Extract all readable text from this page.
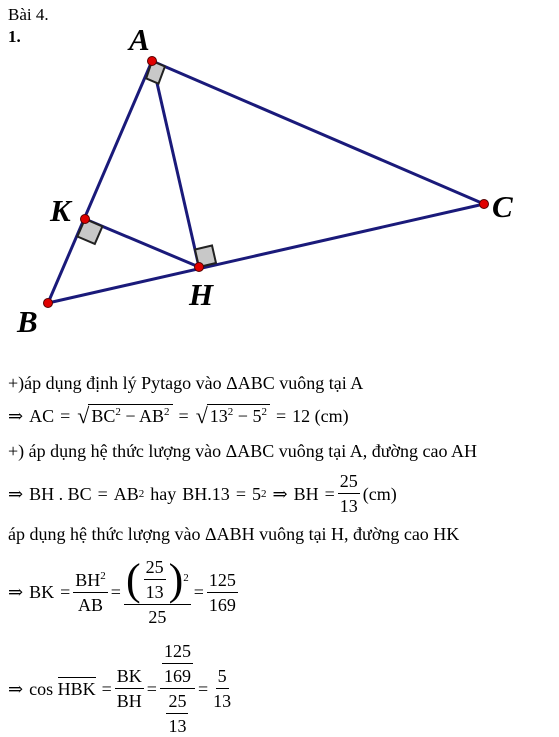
Bài 4.
1.	A
B
C
H
K
+)áp dụng định lý Pytago vào ΔABC vuông tại A
⇒ AC = √ $BC^2 - AB^2$ = √ $13^2 - 5^2 = 12$
(cm)
+) áp dụng hệ thức lượng vào ΔABC vuông tại A, đường cao AH
⇒ BH . BC = AB 2 hay BH.13 = 5 2 ⇒ BH = $\frac{25}{13} (cm)$
áp dụng hệ thức lượng vào ΔABH vuông tại H, đường cao HK
⇒ BK = $\frac{BH^2}{AB} = \frac{( \frac{25}{13} )^2}{25} = \frac{125}{169}$
⇒ cos
HBK = $\frac{BK}{BH} = \frac{\frac{125}{169}}{\frac{25}{13}} = \frac{5}{13}$
